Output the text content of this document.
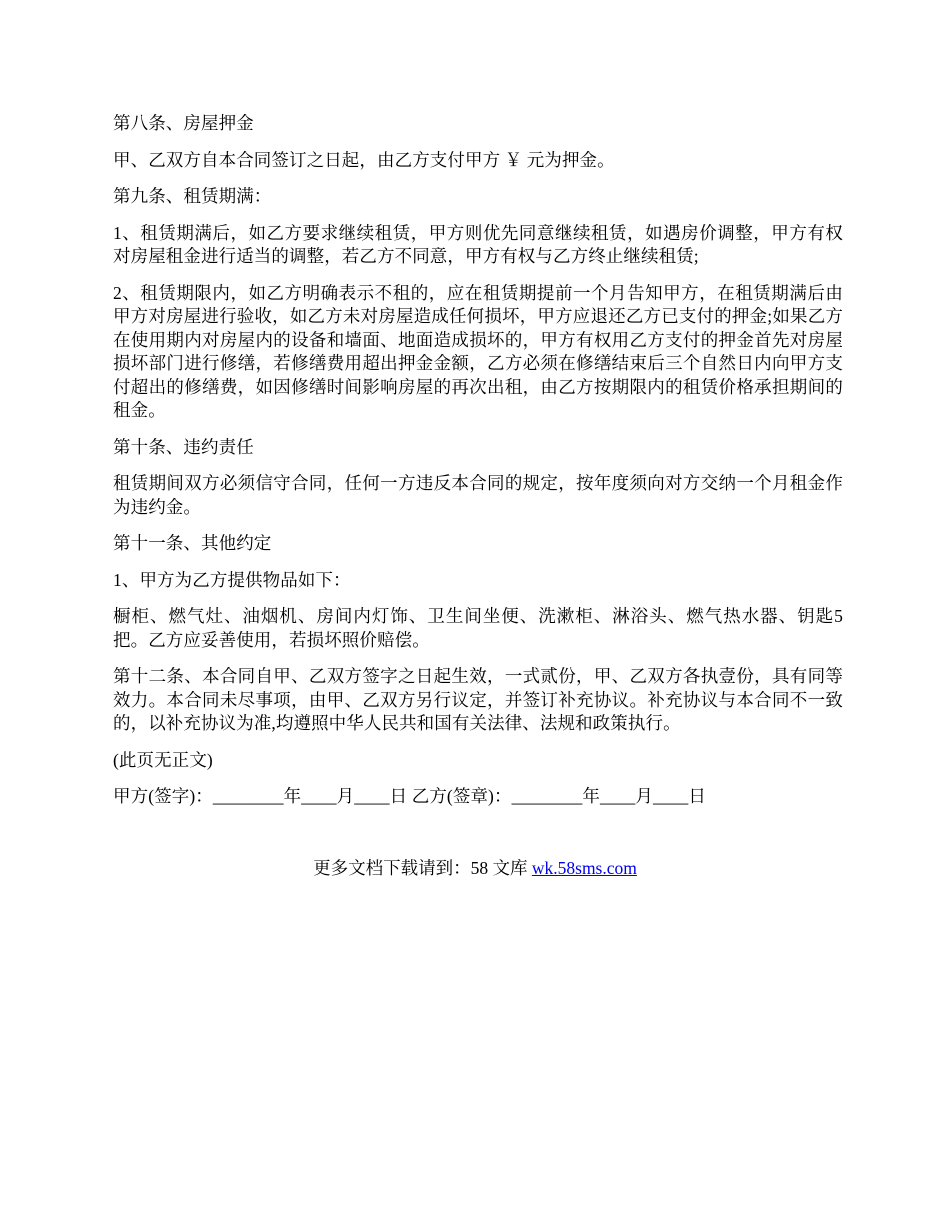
第八条、房屋押金

甲、乙双方自本合同签订之日起，由乙方支付甲方 ￥ 元为押金。

第九条、租赁期满：

1、租赁期满后，如乙方要求继续租赁，甲方则优先同意继续租赁，如遇房价调整，甲方有权对房屋租金进行适当的调整，若乙方不同意，甲方有权与乙方终止继续租赁;

2、租赁期限内，如乙方明确表示不租的，应在租赁期提前一个月告知甲方，在租赁期满后由甲方对房屋进行验收，如乙方未对房屋造成任何损坏，甲方应退还乙方已支付的押金;如果乙方在使用期内对房屋内的设备和墙面、地面造成损坏的，甲方有权用乙方支付的押金首先对房屋损坏部门进行修缮，若修缮费用超出押金金额，乙方必须在修缮结束后三个自然日内向甲方支付超出的修缮费，如因修缮时间影响房屋的再次出租，由乙方按期限内的租赁价格承担期间的租金。

第十条、违约责任

租赁期间双方必须信守合同，任何一方违反本合同的规定，按年度须向对方交纳一个月租金作为违约金。

第十一条、其他约定

1、甲方为乙方提供物品如下：

橱柜、燃气灶、油烟机、房间内灯饰、卫生间坐便、洗漱柜、淋浴头、燃气热水器、钥匙5把。乙方应妥善使用，若损坏照价赔偿。

第十二条、本合同自甲、乙双方签字之日起生效，一式贰份，甲、乙双方各执壹份，具有同等效力。本合同未尽事项，由甲、乙双方另行议定，并签订补充协议。补充协议与本合同不一致的，以补充协议为准,均遵照中华人民共和国有关法律、法规和政策执行。

(此页无正文)

甲方(签字)：________年____月____日 乙方(签章)：________年____月____日

更多文档下载请到：58 文库 wk.58sms.com
